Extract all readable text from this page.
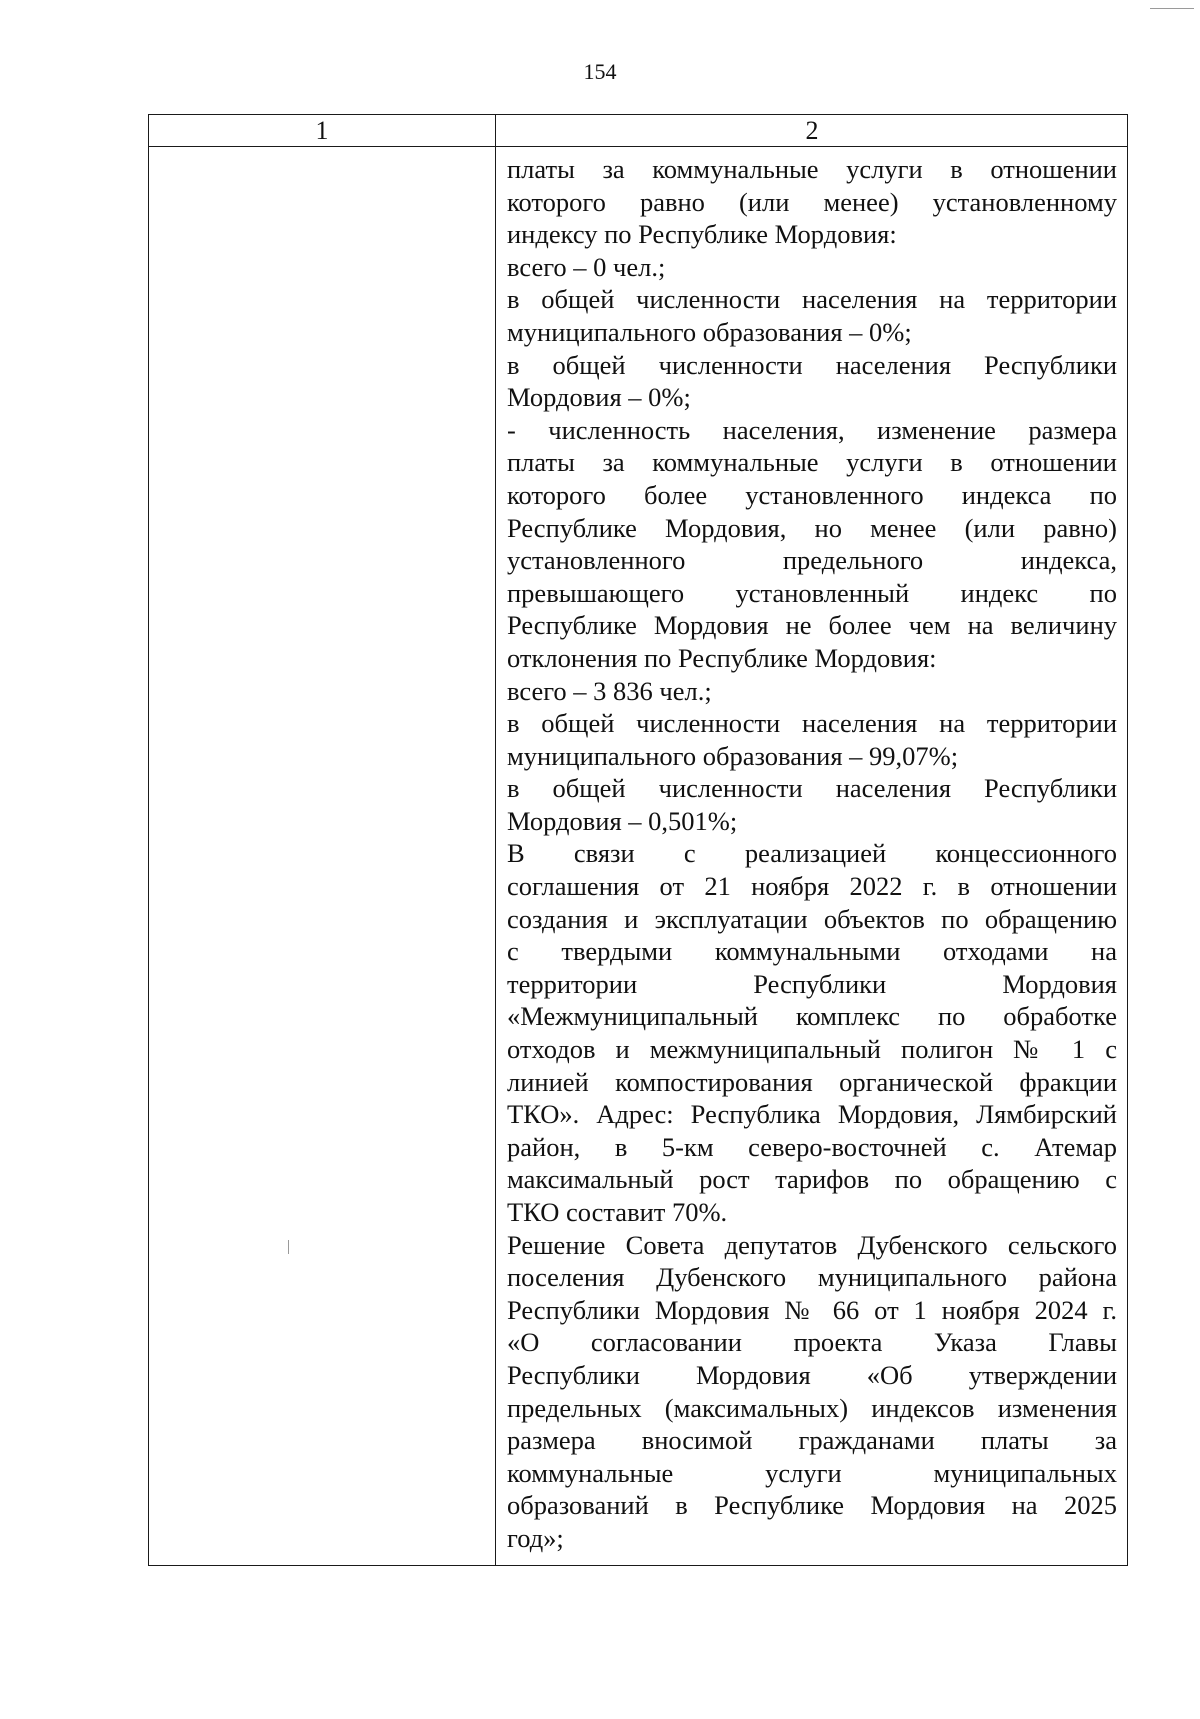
154
1	2
платы за коммунальные услуги в отношении
которого равно (или менее) установленному
индексу по Республике Мордовия:
всего – 0 чел.;
в общей численности населения на территории
муниципального образования – 0%;
в общей численности населения Республики
Мордовия – 0%;
- численность населения, изменение размера
платы за коммунальные услуги в отношении
которого более установленного индекса по
Республике Мордовия, но менее (или равно)
установленного предельного индекса,
превышающего установленный индекс по
Республике Мордовия не более чем на величину
отклонения по Республике Мордовия:
всего – 3 836 чел.;
в общей численности населения на территории
муниципального образования – 99,07%;
в общей численности населения Республики
Мордовия – 0,501%;
В связи с реализацией концессионного
соглашения от 21 ноября 2022 г. в отношении
создания и эксплуатации объектов по обращению
с твердыми коммунальными отходами на
территории Республики Мордовия
«Межмуниципальный комплекс по обработке
отходов и межмуниципальный полигон № 1 с
линией компостирования органической фракции
ТКО». Адрес: Республика Мордовия, Лямбирский
район, в 5-км северо-восточней с. Атемар
максимальный рост тарифов по обращению с
ТКО составит 70%.
Решение Совета депутатов Дубенского сельского
поселения Дубенского муниципального района
Республики Мордовия № 66 от 1 ноября 2024 г.
«О согласовании проекта Указа Главы
Республики Мордовия «Об утверждении
предельных (максимальных) индексов изменения
размера вносимой гражданами платы за
коммунальные услуги муниципальных
образований в Республике Мордовия на 2025
год»;
